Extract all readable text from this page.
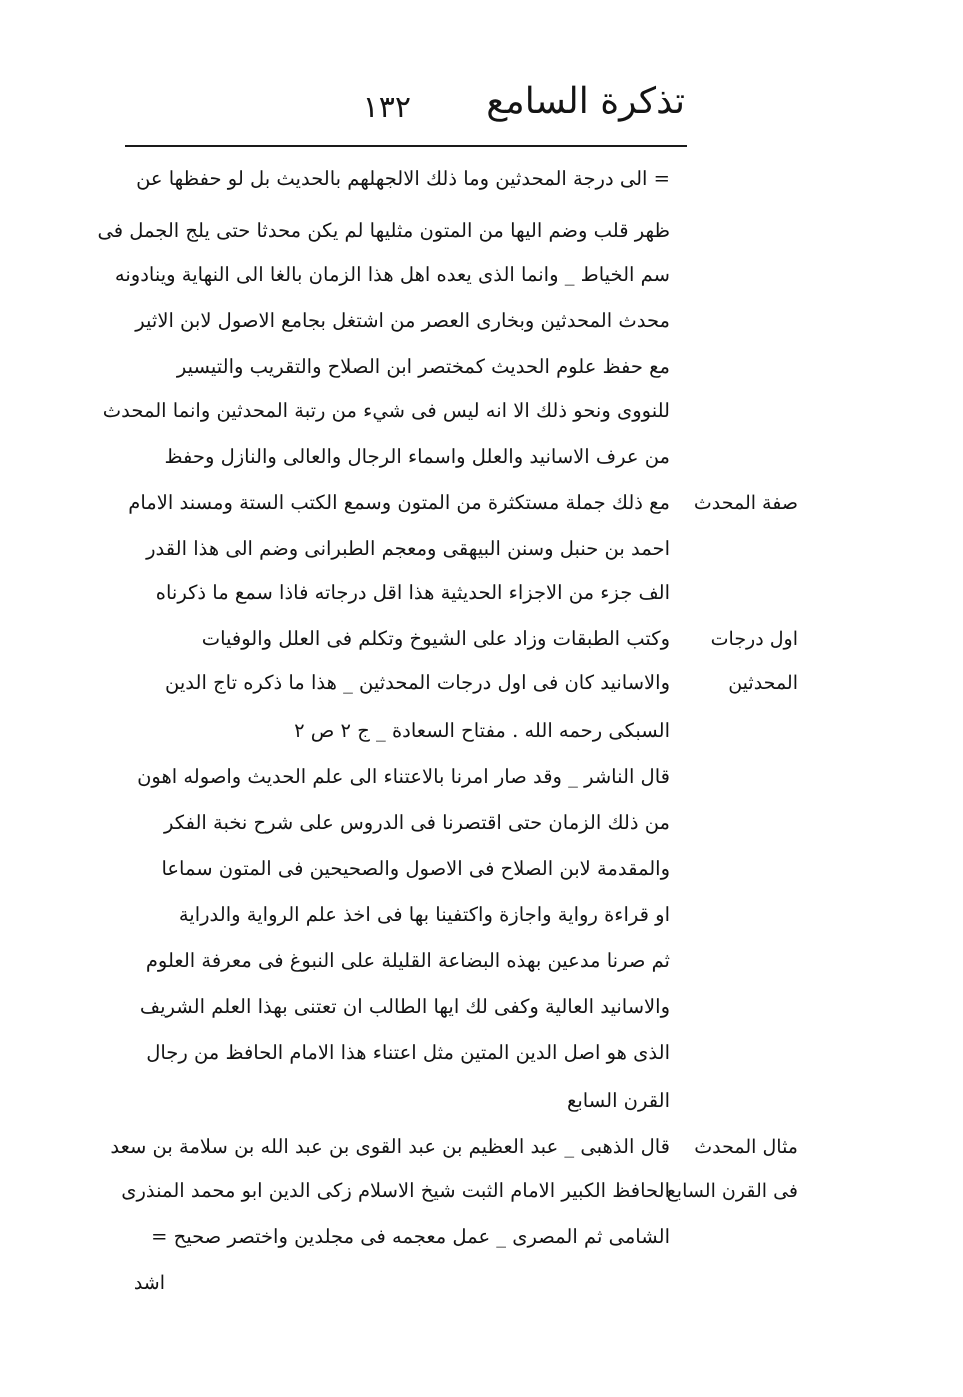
تذكرة السامع
١٣٢
= الى درجة المحدثين وما ذلك الالجهلهم بالحديث بل لو حفظها عن
ظهر قلب وضم اليها من المتون مثليها لم يكن محدثا حتى يلج الجمل فى
سم الخياط _ وانما الذى يعده اهل هذا الزمان بالغا الى النهاية وينادونه
محدث المحدثين وبخارى العصر من اشتغل بجامع الاصول لابن الاثير
مع حفظ علوم الحديث كمختصر ابن الصلاح والتقريب والتيسير
للنووى ونحو ذلك الا انه ليس فى شيء من رتبة المحدثين وانما المحدث
من عرف الاسانيد والعلل واسماء الرجال والعالى والنازل وحفظ
مع ذلك جملة مستكثرة من المتون وسمع الكتب الستة ومسند الامام
احمد بن حنبل وسنن البيهقى ومعجم الطبرانى وضم الى هذا القدر
الف جزء من الاجزاء الحديثية هذا اقل درجاته فاذا سمع ما ذكرناه
وكتب الطبقات وزاد على الشيوخ وتكلم فى العلل والوفيات
والاسانيد كان فى اول درجات المحدثين _ هذا ما ذكره تاج الدين
السبكى رحمه الله . مفتاح السعادة _ ج ٢ ص ٢
قال الناشر _ وقد صار امرنا بالاعتناء الى علم الحديث واصوله اهون
من ذلك الزمان حتى اقتصرنا فى الدروس على شرح نخبة الفكر
والمقدمة لابن الصلاح فى الاصول والصحيحين فى المتون سماعا
او قراءة رواية واجازة واكتفينا بها فى اخذ علم الرواية والدراية
ثم صرنا مدعين بهذه البضاعة القليلة على النبوغ فى معرفة العلوم
والاسانيد العالية وكفى لك ايها الطالب ان تعتنى بهذا العلم الشريف
الذى هو اصل الدين المتين مثل اعتناء هذا الامام الحافظ من رجال
القرن السابع
قال الذهبى _ عبد العظيم بن عبد القوى بن عبد الله بن سلامة بن سعد
الحافظ الكبير الامام الثبت شيخ الاسلام زكى الدين ابو محمد المنذرى
الشامى ثم المصرى _ عمل معجمه فى مجلدين واختصر صحيح =
صفة المحدث
اول درجات
المحدثين
مثال المحدث
فى القرن السابع
اشد
